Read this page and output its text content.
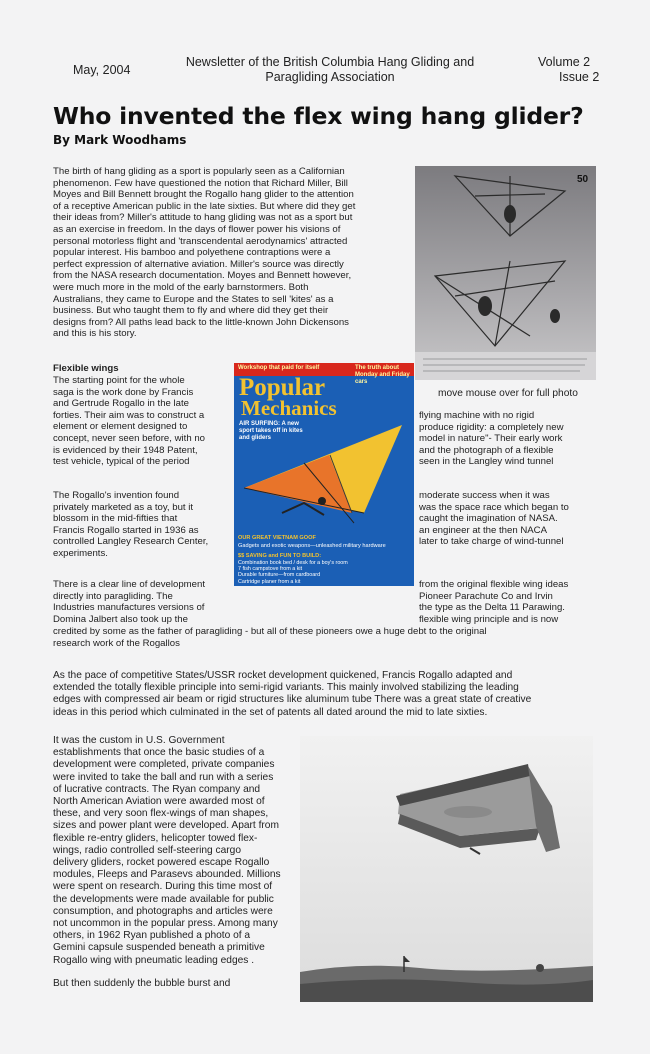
May, 2004
Newsletter of the British Columbia Hang Gliding and
Paragliding Association
Volume 2
Issue 2
Who invented the flex wing hang glider?
By Mark Woodhams
The birth of hang gliding as a sport is popularly seen as a Californian
phenomenon. Few have questioned the notion that Richard Miller, Bill
Moyes and Bill Bennett brought the Rogallo hang glider to the attention
of a receptive American public in the late sixties. But where did they get
their ideas from? Miller's attitude to hang gliding was not as a sport but
as an exercise in freedom. In the days of flower power his visions of
personal motorless flight and 'transcendental aerodynamics' attracted
popular interest. His bamboo and polyethene contraptions were a
perfect expression of alternative aviation. Miller's source was directly
from the NASA research documentation. Moyes and Bennett however,
were much more in the mold of the early barnstormers. Both
Australians, they came to Europe and the States to sell 'kites' as a
business. But who taught them to fly and where did they get their
designs from? All paths lead back to the little-known John Dickensons
and this is his story.
50
move mouse over for full photo
Flexible wings
The starting point for the whole
saga is the work done by Francis
and Gertrude Rogallo in the late
forties. Their aim was to construct a
element or element designed to
concept, never seen before, with no
is evidenced by their 1948 Patent,
test vehicle, typical of the period
flying machine with no rigid
produce rigidity: a completely new
model in nature"- Their early work
and the photograph of a flexible
seen in the Langley wind tunnel
The Rogallo's invention found
privately marketed as a toy, but it
blossom in the mid-fifties that
Francis Rogallo started in 1936 as
controlled Langley Research Center,
experiments.
moderate success when it was
was the space race which began to
caught the imagination of NASA.
an engineer at the then NACA
later to take charge of wind-tunnel
There is a clear line of development
directly into paragliding. The
Industries manufactures versions of
Domina Jalbert also took up the
from the original flexible wing ideas
Pioneer Parachute Co and Irvin
the type as the Delta 11 Parawing.
flexible wing principle and is now
credited by some as the father of paragliding - but all of these pioneers owe a huge debt to the original
research work of the Rogallos
Workshop that paid for itself	The truth about Monday and Friday cars
Popular
Mechanics
AIR SURFING: A new sport takes off in kites and gliders
OUR GREAT VIETNAM GOOF
Gadgets and exotic weapons—unleashed military hardware
$$ SAVING and FUN TO BUILD:
Combination book bed / desk for a boy's room
7 fish campstove from a kit
Durable furniture—from cardboard
Cartridge planer from a kit
As the pace of competitive States/USSR rocket development quickened, Francis Rogallo adapted and
extended the totally flexible principle into semi-rigid variants. This mainly involved stabilizing the leading
edges with compressed air beam or rigid structures like aluminum tube There was a great state of creative
ideas in this period which culminated in the set of patents all dated around the mid to late sixties.
It was the custom in U.S. Government
establishments that once the basic studies of a
development were completed, private companies
were invited to take the ball and run with a series
of lucrative contracts. The Ryan company and
North American Aviation were awarded most of
these, and very soon flex-wings of man shapes,
sizes and power plant were developed. Apart from
flexible re-entry gliders, helicopter towed flex-
wings, radio controlled self-steering cargo
delivery gliders, rocket powered escape Rogallo
modules, Fleeps and Parasevs abounded. Millions
were spent on research. During this time most of
the developments were made available for public
consumption, and photographs and articles were
not uncommon in the popular press. Among many
others, in 1962 Ryan published a photo of a
Gemini capsule suspended beneath a primitive
Rogallo wing with pneumatic leading edges .
But then suddenly the bubble burst and
